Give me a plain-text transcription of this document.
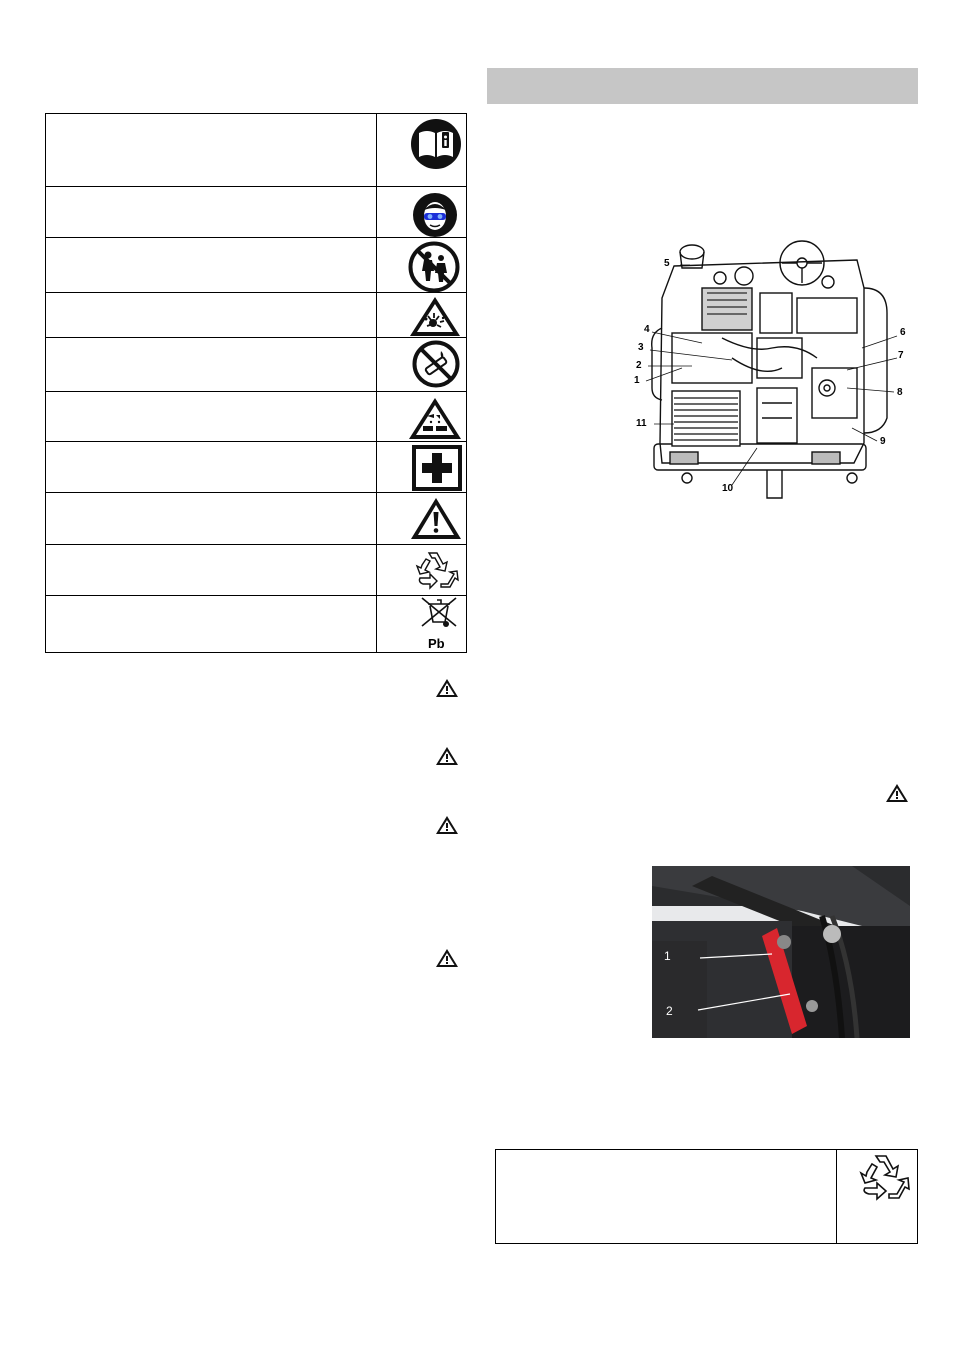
Pb
1
2
3
4
5
6
7
8
9
10
11
1
2
